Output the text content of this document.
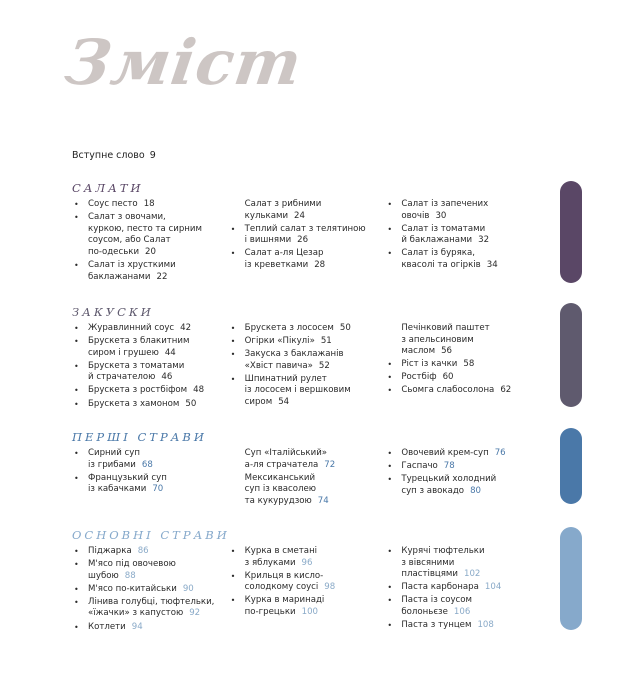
Зміст
Вступне слово 9
САЛАТИ
• Соус песто 18
• Салат з овочами,
куркою, песто та сирним
соусом, або Салат
по-одеськи 20
• Салат із хрусткими
баклажанами 22
Салат з рибними
кульками 24
• Теплий салат з телятиною
і вишнями 26
• Салат а-ля Цезар
із креветками 28
• Салат із запечених
овочів 30
• Салат із томатами
й баклажанами 32
• Салат із буряка,
квасолі та огірків 34
ЗАКУСКИ
• Журавлинний соус 42
• Брускета з блакитним
сиром і грушею 44
• Брускета з томатами
й страчателою 46
• Брускета з ростбіфом 48
• Брускета з хамоном 50
• Брускета з лососем 50
• Огірки «Пікулі» 51
• Закуска з баклажанів
«Хвіст павича» 52
• Шпинатний рулет
із лососем і вершковим
сиром 54
Печінковий паштет
з апельсиновим
маслом 56
• Ріст із качки 58
• Ростбіф 60
• Сьомга слабосолона 62
ПЕРШІ СТРАВИ
• Сирний суп
із грибами 68
• Французький суп
із кабачками 70
Суп «Італійський»
а-ля страчатела 72
Мексиканський
суп із квасолею
та кукурудзою 74
• Овочевий крем-суп 76
• Гаспачо 78
• Турецький холодний
суп з авокадо 80
ОСНОВНІ СТРАВИ
• Піджарка 86
• М'ясо під овочевою
шубою 88
• М'ясо по-китайськи 90
• Лінива голубці, тюфтельки,
«їжачки» з капустою 92
• Котлети 94
• Курка в сметані
з яблуками 96
• Крильця в кисло-
солодкому соусі 98
• Курка в маринаді
по-грецьки 100
• Курячі тюфтельки
з вівсяними
пластівцями 102
• Паста карбонара 104
• Паста із соусом
болоньєзе 106
• Паста з тунцем 108
